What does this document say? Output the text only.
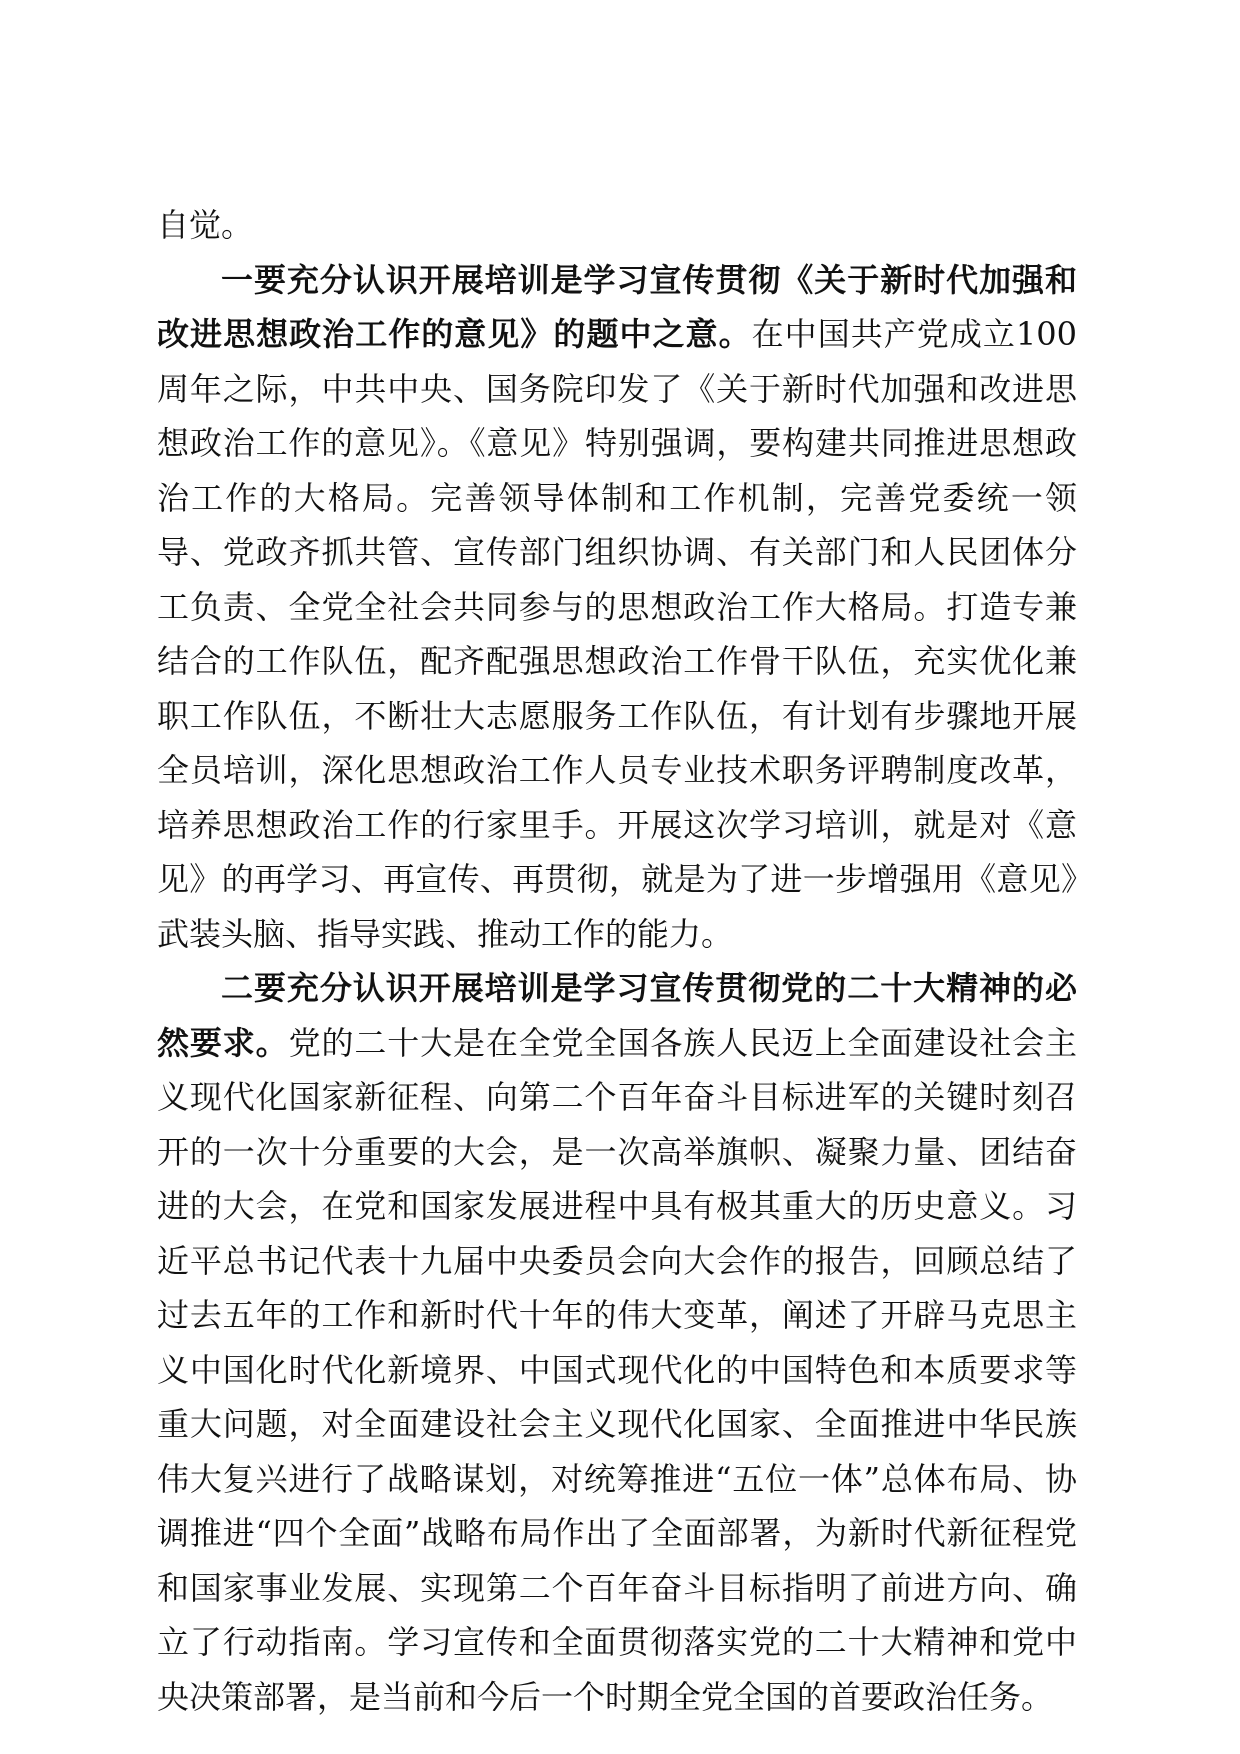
自觉。

一要充分认识开展培训是学习宣传贯彻《关于新时代加强和改进思想政治工作的意见》的题中之意。在中国共产党成立100周年之际，中共中央、国务院印发了《关于新时代加强和改进思想政治工作的意见》。《意见》特别强调，要构建共同推进思想政治工作的大格局。完善领导体制和工作机制，完善党委统一领导、党政齐抓共管、宣传部门组织协调、有关部门和人民团体分工负责、全党全社会共同参与的思想政治工作大格局。打造专兼结合的工作队伍，配齐配强思想政治工作骨干队伍，充实优化兼职工作队伍，不断壮大志愿服务工作队伍，有计划有步骤地开展全员培训，深化思想政治工作人员专业技术职务评聘制度改革，培养思想政治工作的行家里手。开展这次学习培训，就是对《意见》的再学习、再宣传、再贯彻，就是为了进一步增强用《意见》武装头脑、指导实践、推动工作的能力。

二要充分认识开展培训是学习宣传贯彻党的二十大精神的必然要求。党的二十大是在全党全国各族人民迈上全面建设社会主义现代化国家新征程、向第二个百年奋斗目标进军的关键时刻召开的一次十分重要的大会，是一次高举旗帜、凝聚力量、团结奋进的大会，在党和国家发展进程中具有极其重大的历史意义。习近平总书记代表十九届中央委员会向大会作的报告，回顾总结了过去五年的工作和新时代十年的伟大变革，阐述了开辟马克思主义中国化时代化新境界、中国式现代化的中国特色和本质要求等重大问题，对全面建设社会主义现代化国家、全面推进中华民族伟大复兴进行了战略谋划，对统筹推进“五位一体”总体布局、协调推进“四个全面”战略布局作出了全面部署，为新时代新征程党和国家事业发展、实现第二个百年奋斗目标指明了前进方向、确立了行动指南。学习宣传和全面贯彻落实党的二十大精神和党中央决策部署，是当前和今后一个时期全党全国的首要政治任务。
